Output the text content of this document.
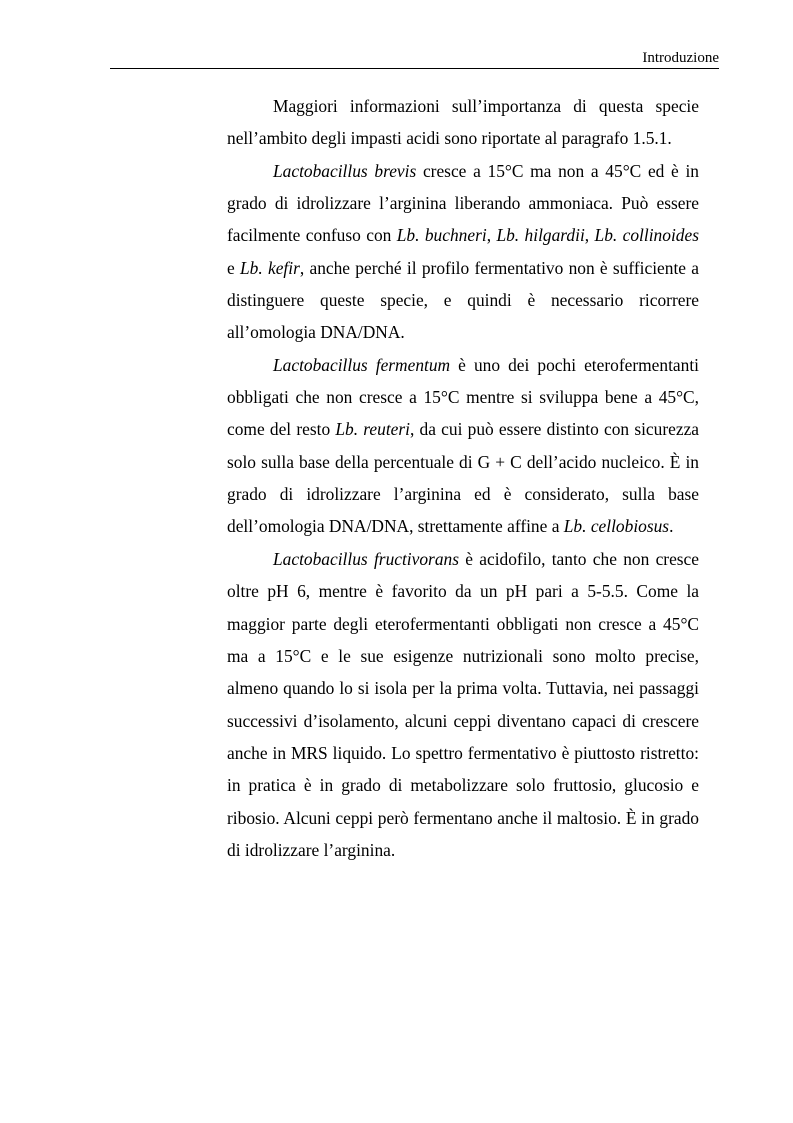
Introduzione

Maggiori informazioni sull’importanza di questa specie nell’ambito degli impasti acidi sono riportate al paragrafo 1.5.1.

Lactobacillus brevis cresce a 15°C ma non a 45°C ed è in grado di idrolizzare l’arginina liberando ammoniaca. Può essere facilmente confuso con Lb. buchneri, Lb. hilgardii, Lb. collinoides e Lb. kefir, anche perché il profilo fermentativo non è sufficiente a distinguere queste specie, e quindi è necessario ricorrere all’omologia DNA/DNA.

Lactobacillus fermentum è uno dei pochi eterofermentanti obbligati che non cresce a 15°C mentre si sviluppa bene a 45°C, come del resto Lb. reuteri, da cui può essere distinto con sicurezza solo sulla base della percentuale di G + C dell’acido nucleico. È in grado di idrolizzare l’arginina ed è considerato, sulla base dell’omologia DNA/DNA, strettamente affine a Lb. cellobiosus.

Lactobacillus fructivorans è acidofilo, tanto che non cresce oltre pH 6, mentre è favorito da un pH pari a 5-5.5. Come la maggior parte degli eterofermentanti obbligati non cresce a 45°C ma a 15°C e le sue esigenze nutrizionali sono molto precise, almeno quando lo si isola per la prima volta. Tuttavia, nei passaggi successivi d’isolamento, alcuni ceppi diventano capaci di crescere anche in MRS liquido. Lo spettro fermentativo è piuttosto ristretto: in pratica è in grado di metabolizzare solo fruttosio, glucosio e ribosio. Alcuni ceppi però fermentano anche il maltosio. È in grado di idrolizzare l’arginina.
